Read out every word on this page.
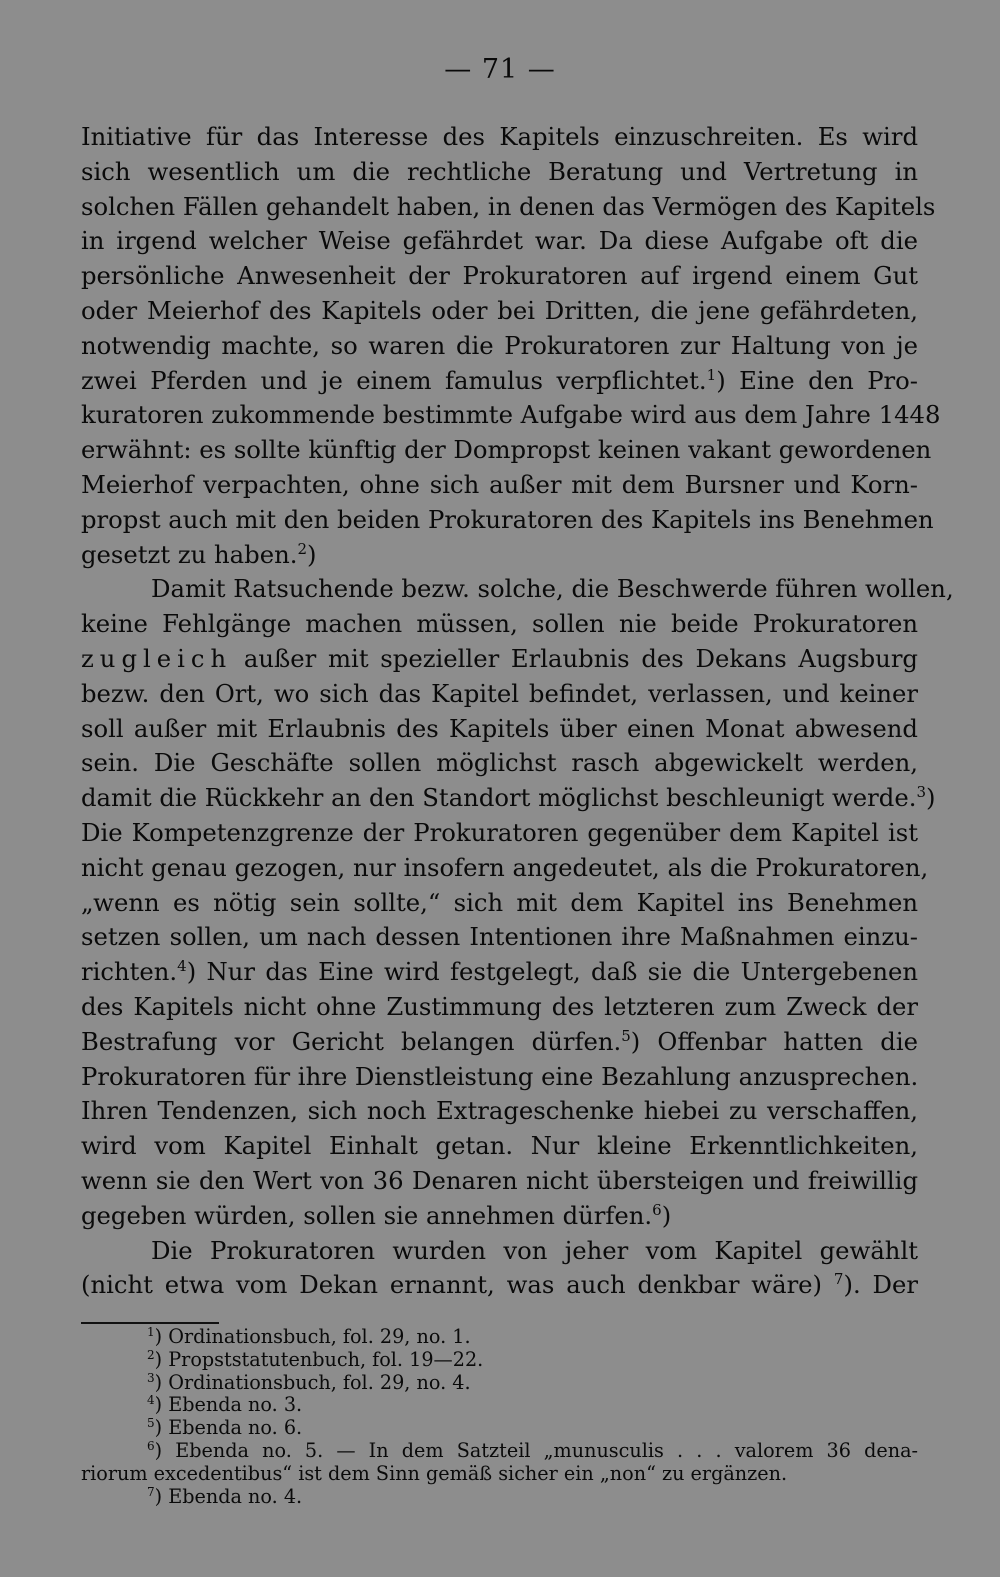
— 71 —
Initiative für das Interesse des Kapitels einzuschreiten. Es wird
sich wesentlich um die rechtliche Beratung und Vertretung in
solchen Fällen gehandelt haben, in denen das Vermögen des Kapitels
in irgend welcher Weise gefährdet war. Da diese Aufgabe oft die
persönliche Anwesenheit der Prokuratoren auf irgend einem Gut
oder Meierhof des Kapitels oder bei Dritten, die jene gefährdeten,
notwendig machte, so waren die Prokuratoren zur Haltung von je
zwei Pferden und je einem famulus verpflichtet.$^1$) Eine den Pro-
kuratoren zukommende bestimmte Aufgabe wird aus dem Jahre 1448
erwähnt: es sollte künftig der Dompropst keinen vakant gewordenen
Meierhof verpachten, ohne sich außer mit dem Bursner und Korn-
propst auch mit den beiden Prokuratoren des Kapitels ins Benehmen
gesetzt zu haben.$^2$)
Damit Ratsuchende bezw. solche, die Beschwerde führen wollen,
keine Fehlgänge machen müssen, sollen nie beide Prokuratoren
zugleich außer mit spezieller Erlaubnis des Dekans Augsburg
bezw. den Ort, wo sich das Kapitel befindet, verlassen, und keiner
soll außer mit Erlaubnis des Kapitels über einen Monat abwesend
sein. Die Geschäfte sollen möglichst rasch abgewickelt werden,
damit die Rückkehr an den Standort möglichst beschleunigt werde.$^3$)
Die Kompetenzgrenze der Prokuratoren gegenüber dem Kapitel ist
nicht genau gezogen, nur insofern angedeutet, als die Prokuratoren,
„wenn es nötig sein sollte,“ sich mit dem Kapitel ins Benehmen
setzen sollen, um nach dessen Intentionen ihre Maßnahmen einzu-
richten.$^4$) Nur das Eine wird festgelegt, daß sie die Untergebenen
des Kapitels nicht ohne Zustimmung des letzteren zum Zweck der
Bestrafung vor Gericht belangen dürfen.$^5$) Offenbar hatten die
Prokuratoren für ihre Dienstleistung eine Bezahlung anzusprechen.
Ihren Tendenzen, sich noch Extrageschenke hiebei zu verschaffen,
wird vom Kapitel Einhalt getan. Nur kleine Erkenntlichkeiten,
wenn sie den Wert von 36 Denaren nicht übersteigen und freiwillig
gegeben würden, sollen sie annehmen dürfen.$^6$)
Die Prokuratoren wurden von jeher vom Kapitel gewählt
(nicht etwa vom Dekan ernannt, was auch denkbar wäre) $^7$). Der
$^1$) Ordinationsbuch, fol. 29, no. 1.
$^2$) Propststatutenbuch, fol. 19—22.
$^3$) Ordinationsbuch, fol. 29, no. 4.
$^4$) Ebenda no. 3.
$^5$) Ebenda no. 6.
$^6$) Ebenda no. 5. — In dem Satzteil „munusculis . . . valorem 36 dena-
riorum excedentibus“ ist dem Sinn gemäß sicher ein „non“ zu ergänzen.
$^7$) Ebenda no. 4.
